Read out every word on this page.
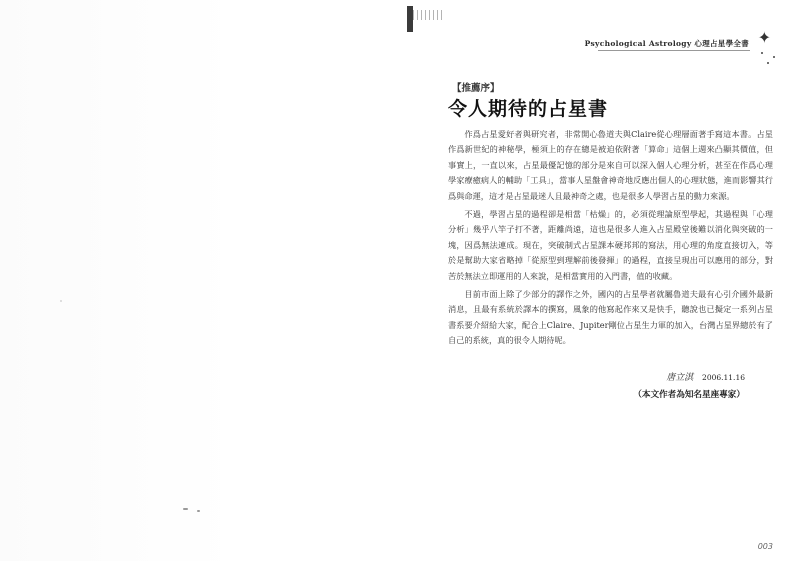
Psychological Astrology 心理占星學全書 ✦
【推薦序】
令人期待的占星書

作爲占星愛好者與研究者，非常開心魯道夫與Claire從心理層面著手寫這本書。占星作爲新世紀的神秘學，極須上的存在總是被迫依附著「算命」這個上週來凸顯其價值，但事實上，一直以來，占星最優記憶的部分是來自可以深入個人心理分析，甚至在作爲心理學家療癒病人的輔助「工具」，當事人星盤會神奇地反應出個人的心理狀態，進而影響其行爲與命運，這才是占星最迷人且最神奇之處，也是很多人學習占星的動力來源。

不過，學習占星的過程卻是相當「枯燥」的，必須從理論原型學起，其過程與「心理分析」幾乎八竿子打不著，距離尚遠，這也是很多人進入占星殿堂後難以消化與突破的一塊，因爲無法連成。現在，突破制式占星課本硬邦邦的寫法，用心理的角度直接切入，等於是幫助大家省略掉「從原型到理解前後發揮」的過程，直接呈現出可以應用的部分，對苦於無法立即運用的人來說，是相當實用的入門書，值的收藏。

目前市面上除了少部分的譯作之外，國內的占星學者就屬魯道夫最有心引介國外最新消息，且最有系統於譯本的撰寫，風象的他寫起作來又是快手，聽說也已擬定一系列占星書系要介紹給大家，配合上Claire、Jupiter剛位占星生力軍的加入，台灣占星界總於有了自己的系統，真的很令人期待呢。

唐立淇 2006.11.16
（本文作者為知名星座專家）
003
